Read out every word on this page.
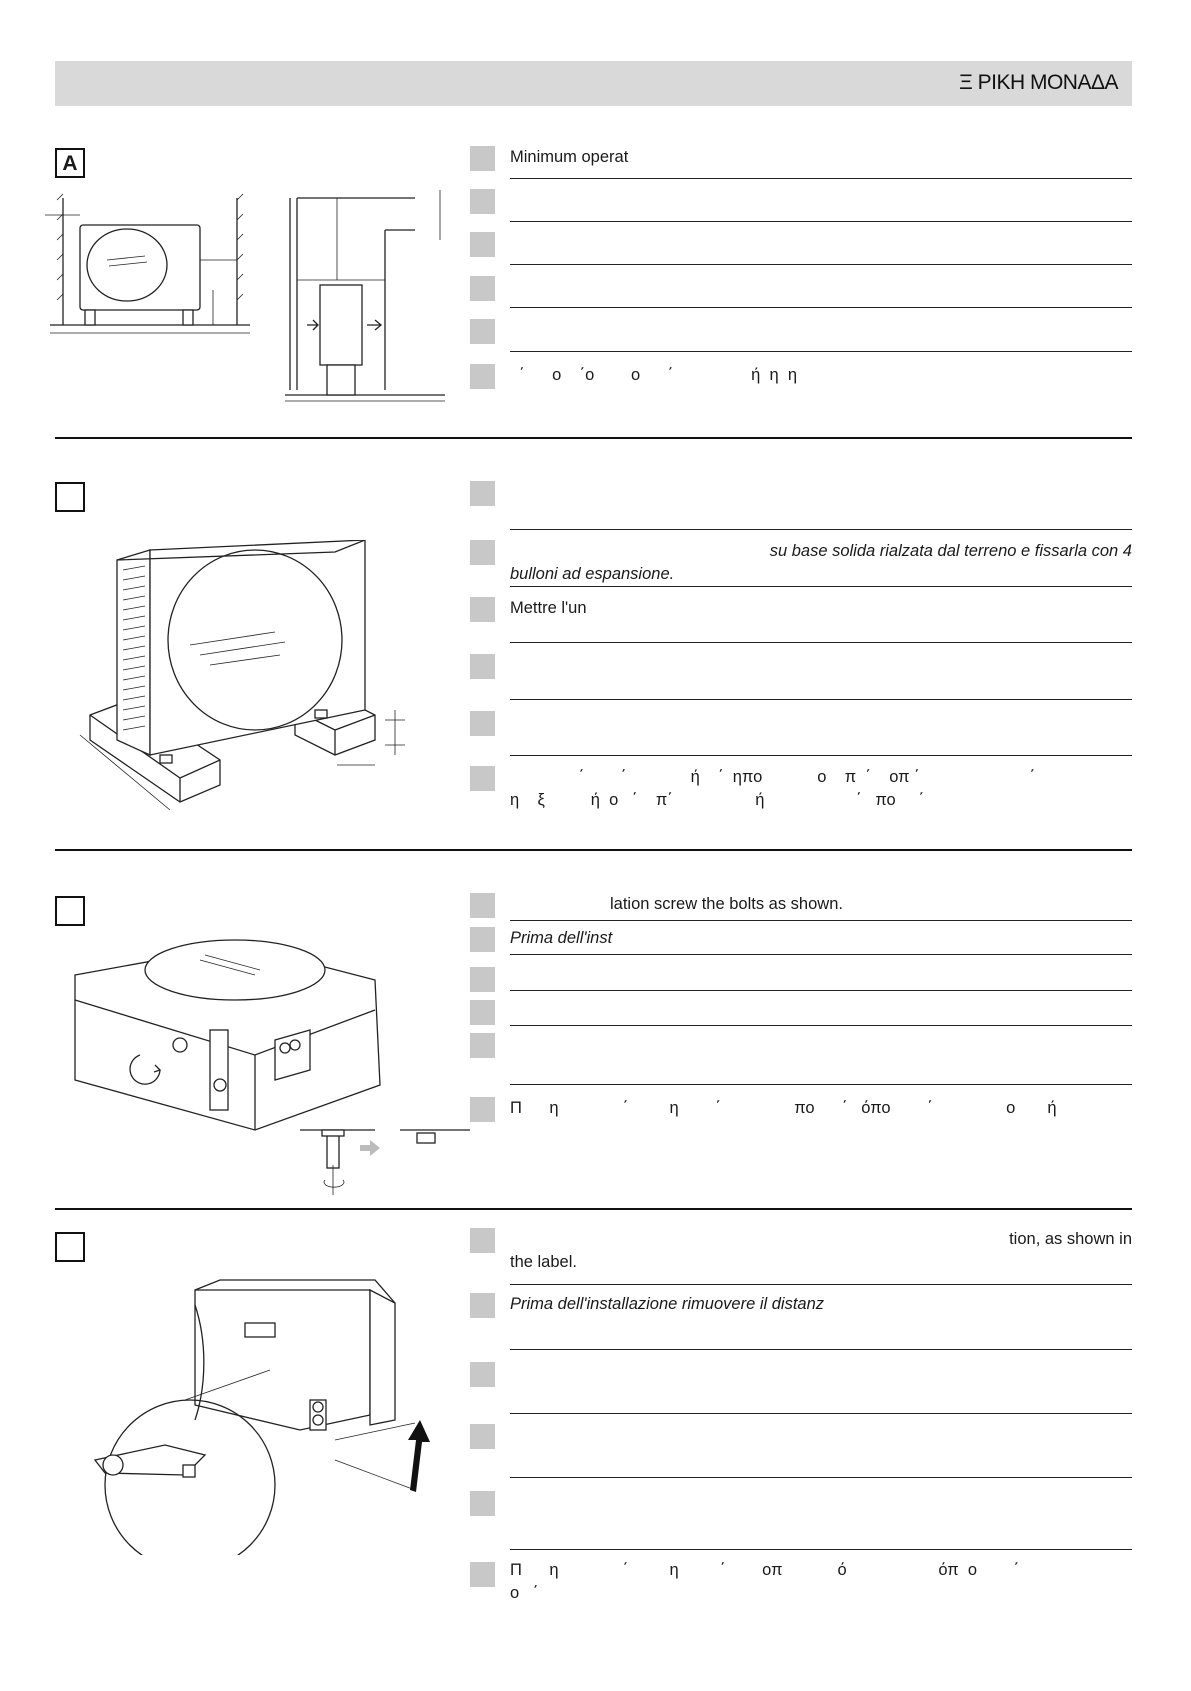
Ξ ΡΙΚΗ ΜΟΝΑΔΑ
A	Minimum operat
΄      ο    ΄ο        ο      ΄                 ή  η  η
su base solida rialzata dal terreno e fissarla con 4
bulloni ad espansione.
Mettre l'un
΄        ΄              ή    ΄  ηπο            ο    π  ΄    οπ ΄                        ΄
η    ξ          ή  ο   ΄    π΄                  ή                    ΄   πο     ΄
lation screw the bolts as shown.
Prima dell'inst
Π      η              ΄         η        ΄                πο      ΄   όπο        ΄                ο       ή
tion, as shown in
the label.
Prima dell'installazione rimuovere il distanz
Π      η              ΄         η         ΄        οπ            ό                    όπ  ο        ΄
ο   ΄
